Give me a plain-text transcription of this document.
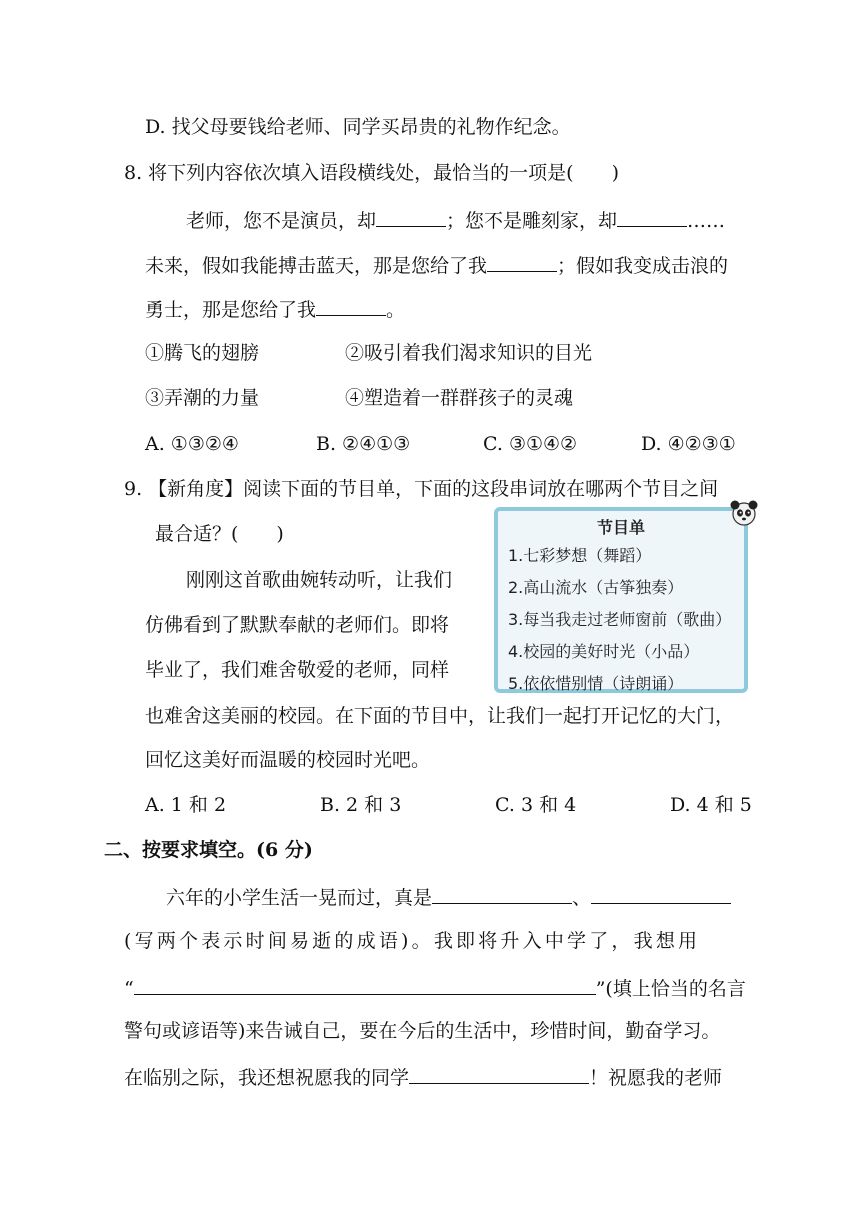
D. 找父母要钱给老师、同学买昂贵的礼物作纪念。
8. 将下列内容依次填入语段横线处，最恰当的一项是(　　)
老师，您不是演员，却	；您不是雕刻家，却	……
未来，假如我能搏击蓝天，那是您给了我	；假如我变成击浪的
勇士，那是您给了我	。
①腾飞的翅膀	②吸引着我们渴求知识的目光
③弄潮的力量	④塑造着一群群孩子的灵魂
A. ①③②④	B. ②④①③	C. ③①④②	D. ④②③①
9. 【新角度】阅读下面的节目单，下面的这段串词放在哪两个节目之间
最合适？(　　)
刚刚这首歌曲婉转动听，让我们
仿佛看到了默默奉献的老师们。即将
毕业了，我们难舍敬爱的老师，同样
也难舍这美丽的校园。在下面的节目中，让我们一起打开记忆的大门，
回忆这美好而温暖的校园时光吧。
节目单
1.七彩梦想（舞蹈）
2.高山流水（古筝独奏）
3.每当我走过老师窗前（歌曲）
4.校园的美好时光（小品）
5.依依惜别情（诗朗诵）
A. 1 和 2	B. 2 和 3	C. 3 和 4	D. 4 和 5
二、按要求填空。(6 分)
六年的小学生活一晃而过，真是	、
(写两个表示时间易逝的成语)。我即将升入中学了，我想用
“	”(填上恰当的名言
警句或谚语等)来告诫自己，要在今后的生活中，珍惜时间，勤奋学习。
在临别之际，我还想祝愿我的同学	！祝愿我的老师
